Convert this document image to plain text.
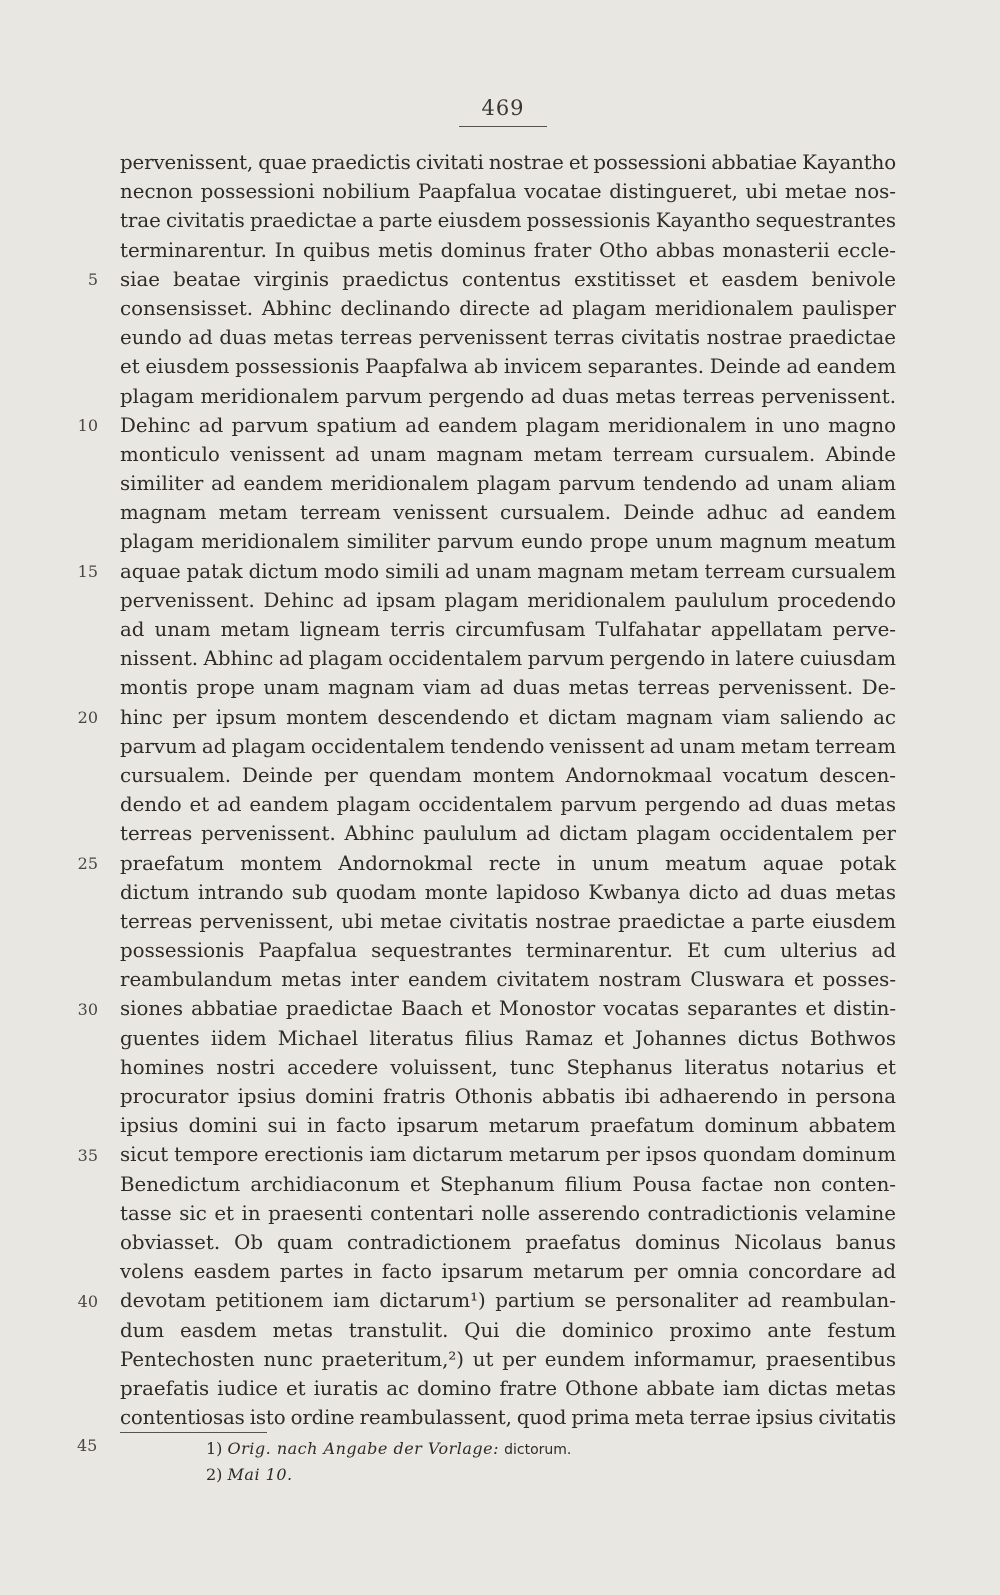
469
5
10
15
20
25
30
35
40
pervenissent, quae praedictis civitati nostrae et possessioni abbatiae Kayantho
necnon possessioni nobilium Paapfalua vocatae distingueret, ubi metae nos-
trae civitatis praedictae a parte eiusdem possessionis Kayantho sequestrantes
terminarentur. In quibus metis dominus frater Otho abbas monasterii eccle-
siae beatae virginis praedictus contentus exstitisset et easdem benivole
consensisset. Abhinc declinando directe ad plagam meridionalem paulisper
eundo ad duas metas terreas pervenissent terras civitatis nostrae praedictae
et eiusdem possessionis Paapfalwa ab invicem separantes. Deinde ad eandem
plagam meridionalem parvum pergendo ad duas metas terreas pervenissent.
Dehinc ad parvum spatium ad eandem plagam meridionalem in uno magno
monticulo venissent ad unam magnam metam terream cursualem. Abinde
similiter ad eandem meridionalem plagam parvum tendendo ad unam aliam
magnam metam terream venissent cursualem. Deinde adhuc ad eandem
plagam meridionalem similiter parvum eundo prope unum magnum meatum
aquae patak dictum modo simili ad unam magnam metam terream cursualem
pervenissent. Dehinc ad ipsam plagam meridionalem paululum procedendo
ad unam metam ligneam terris circumfusam Tulfahatar appellatam perve-
nissent. Abhinc ad plagam occidentalem parvum pergendo in latere cuiusdam
montis prope unam magnam viam ad duas metas terreas pervenissent. De-
hinc per ipsum montem descendendo et dictam magnam viam saliendo ac
parvum ad plagam occidentalem tendendo venissent ad unam metam terream
cursualem. Deinde per quendam montem Andornokmaal vocatum descen-
dendo et ad eandem plagam occidentalem parvum pergendo ad duas metas
terreas pervenissent. Abhinc paululum ad dictam plagam occidentalem per
praefatum montem Andornokmal recte in unum meatum aquae potak
dictum intrando sub quodam monte lapidoso Kwbanya dicto ad duas metas
terreas pervenissent, ubi metae civitatis nostrae praedictae a parte eiusdem
possessionis Paapfalua sequestrantes terminarentur. Et cum ulterius ad
reambulandum metas inter eandem civitatem nostram Cluswara et posses-
siones abbatiae praedictae Baach et Monostor vocatas separantes et distin-
guentes iidem Michael literatus filius Ramaz et Johannes dictus Bothwos
homines nostri accedere voluissent, tunc Stephanus literatus notarius et
procurator ipsius domini fratris Othonis abbatis ibi adhaerendo in persona
ipsius domini sui in facto ipsarum metarum praefatum dominum abbatem
sicut tempore erectionis iam dictarum metarum per ipsos quondam dominum
Benedictum archidiaconum et Stephanum filium Pousa factae non conten-
tasse sic et in praesenti contentari nolle asserendo contradictionis velamine
obviasset. Ob quam contradictionem praefatus dominus Nicolaus banus
volens easdem partes in facto ipsarum metarum per omnia concordare ad
devotam petitionem iam dictarum¹) partium se personaliter ad reambulan-
dum easdem metas transtulit. Qui die dominico proximo ante festum
Pentechosten nunc praeteritum,²) ut per eundem informamur, praesentibus
praefatis iudice et iuratis ac domino fratre Othone abbate iam dictas metas
contentiosas isto ordine reambulassent, quod prima meta terrae ipsius civitatis
45	1) Orig. nach Angabe der Vorlage: dictorum.
2) Mai 10.
